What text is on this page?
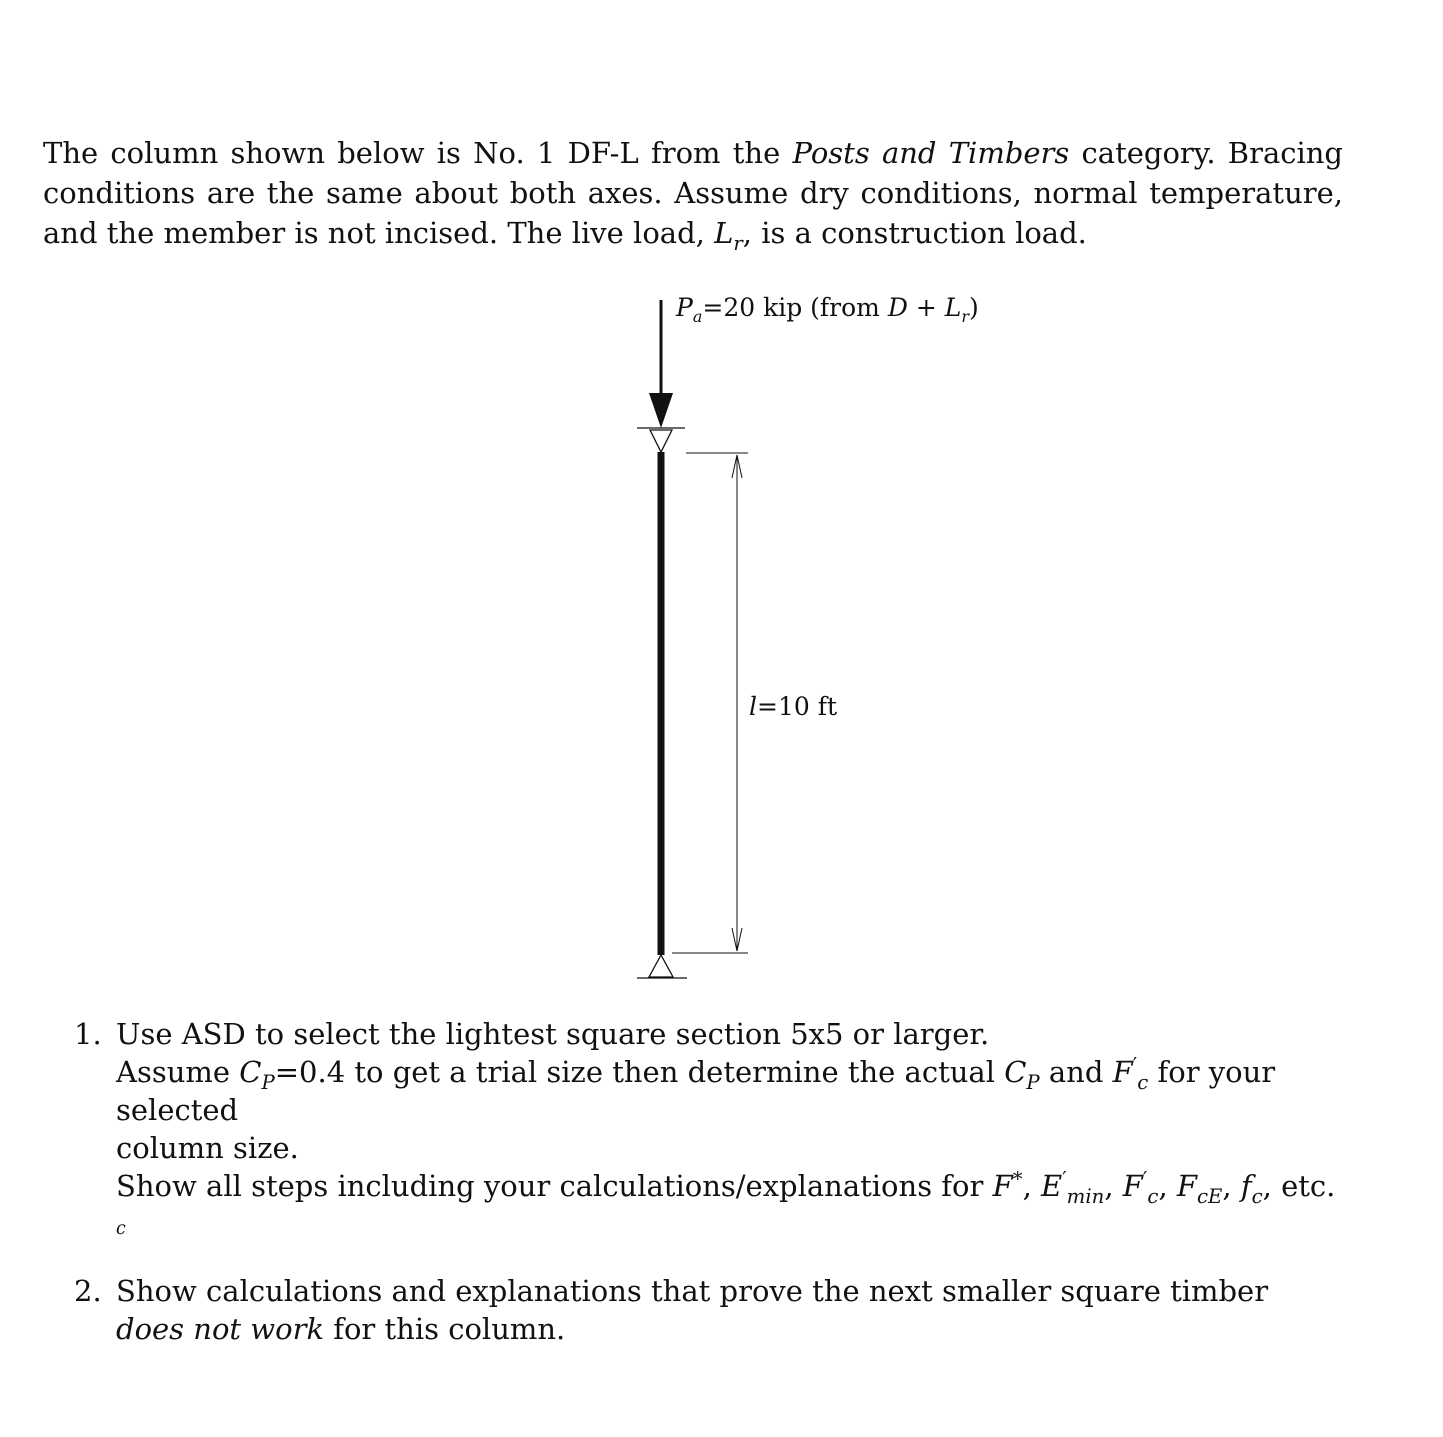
The column shown below is No. 1 DF-L from the Posts and Timbers category. Bracing conditions are the same about both axes. Assume dry conditions, normal temperature, and the member is not incised. The live load, $L_r$, is a construction load.
$P_a=20$ kip (from $D + L_r$)
l=10 ft
1. Use ASD to select the lightest square section 5x5 or larger.
Assume $C_P=0.4$ to get a trial size then determine the actual $C_P$ and $F'_c$ for your selected
column size.
Show all steps including your calculations/explanations for F*, $E'_{min}$, $F'_c$, $F_{cE}$, $f_c$, etc. c
2. Show calculations and explanations that prove the next smaller square timber does not work for this column.
